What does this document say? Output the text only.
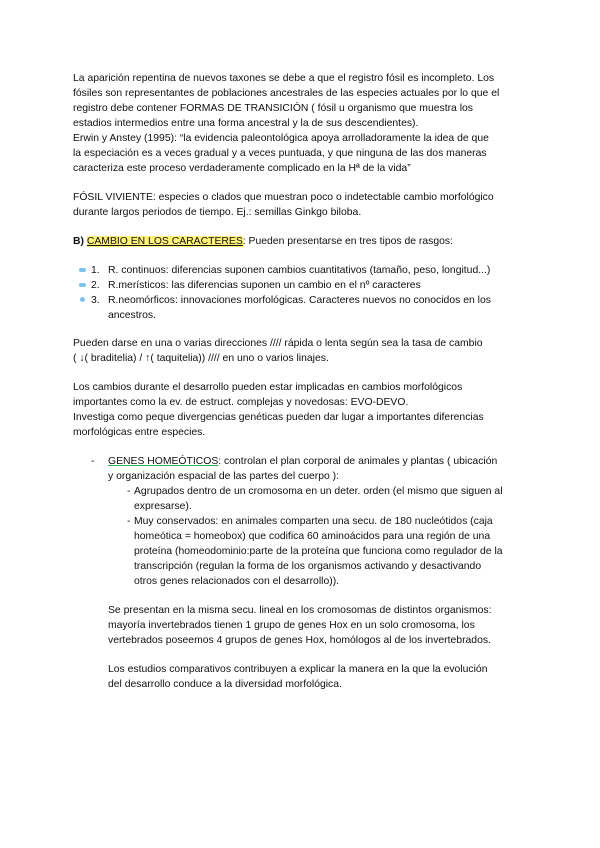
La aparición repentina de nuevos taxones se debe a que el registro fósil es incompleto. Los
fósiles son representantes de poblaciones ancestrales de las especies actuales por lo que el
registro debe contener FORMAS DE TRANSICIÓN ( fósil u organismo que muestra los
estadios intermedios entre una forma ancestral y la de sus descendientes).
Erwin y Anstey (1995): “la evidencia paleontológica apoya arrolladoramente la idea de que
la especiación es a veces gradual y a veces puntuada, y que ninguna de las dos maneras
caracteriza este proceso verdaderamente complicado en la Hª de la vida”
FÓSIL VIVIENTE: especies o clados que muestran poco o indetectable cambio morfológico
durante largos periodos de tiempo. Ej.: semillas Ginkgo biloba.
B) CAMBIO EN LOS CARACTERES: Pueden presentarse en tres tipos de rasgos:
1. R. continuos: diferencias suponen cambios cuantitativos (tamaño, peso, longitud...)
2. R.merísticos: las diferencias suponen un cambio en el nº caracteres
3. R.neomórficos: innovaciones morfológicas. Caracteres nuevos no conocidos en los
ancestros.
Pueden darse en una o varias direcciones //// rápida o lenta según sea la tasa de cambio
( ↓( braditelia) / ↑( taquitelia)) //// en uno o varios linajes.
Los cambios durante el desarrollo pueden estar implicadas en cambios morfológicos
importantes como la ev. de estruct. complejas y novedosas: EVO-DEVO.
Investiga como peque divergencias genéticas pueden dar lugar a importantes diferencias
morfológicas entre especies.
- GENES HOMEÓTICOS: controlan el plan corporal de animales y plantas ( ubicación
y organización espacial de las partes del cuerpo ):
- Agrupados dentro de un cromosoma en un deter. orden (el mismo que siguen al
expresarse).
- Muy conservados: en animales comparten una secu. de 180 nucleótidos (caja
homeótica = homeobox) que codifica 60 aminoácidos para una región de una
proteína (homeodominio:parte de la proteína que funciona como regulador de la
transcripción (regulan la forma de los organismos activando y desactivando
otros genes relacionados con el desarrollo)).
Se presentan en la misma secu. lineal en los cromosomas de distintos organismos:
mayoría invertebrados tienen 1 grupo de genes Hox en un solo cromosoma, los
vertebrados poseemos 4 grupos de genes Hox, homólogos al de los invertebrados.
Los estudios comparativos contribuyen a explicar la manera en la que la evolución
del desarrollo conduce a la diversidad morfológica.
